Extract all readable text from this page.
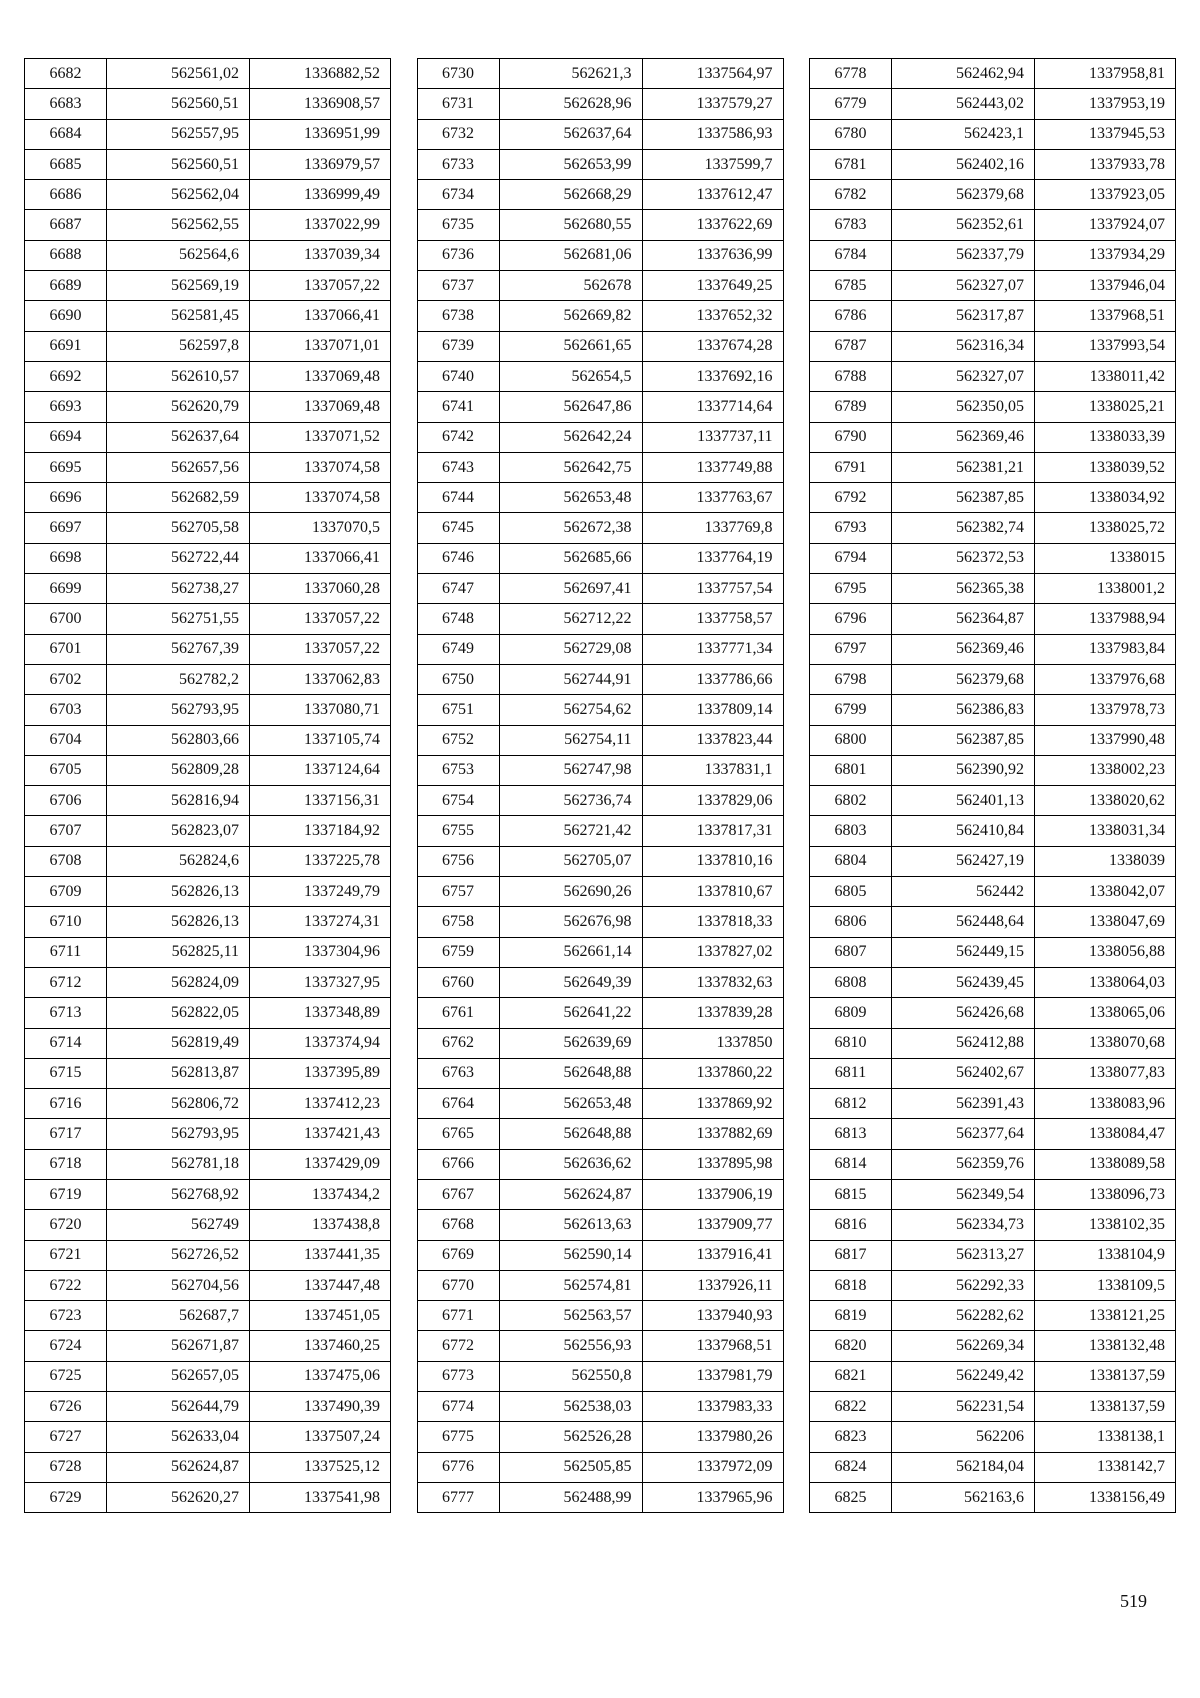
6682	562561,02	1336882,52
6683	562560,51	1336908,57
6684	562557,95	1336951,99
6685	562560,51	1336979,57
6686	562562,04	1336999,49
6687	562562,55	1337022,99
6688	562564,6	1337039,34
6689	562569,19	1337057,22
6690	562581,45	1337066,41
6691	562597,8	1337071,01
6692	562610,57	1337069,48
6693	562620,79	1337069,48
6694	562637,64	1337071,52
6695	562657,56	1337074,58
6696	562682,59	1337074,58
6697	562705,58	1337070,5
6698	562722,44	1337066,41
6699	562738,27	1337060,28
6700	562751,55	1337057,22
6701	562767,39	1337057,22
6702	562782,2	1337062,83
6703	562793,95	1337080,71
6704	562803,66	1337105,74
6705	562809,28	1337124,64
6706	562816,94	1337156,31
6707	562823,07	1337184,92
6708	562824,6	1337225,78
6709	562826,13	1337249,79
6710	562826,13	1337274,31
6711	562825,11	1337304,96
6712	562824,09	1337327,95
6713	562822,05	1337348,89
6714	562819,49	1337374,94
6715	562813,87	1337395,89
6716	562806,72	1337412,23
6717	562793,95	1337421,43
6718	562781,18	1337429,09
6719	562768,92	1337434,2
6720	562749	1337438,8
6721	562726,52	1337441,35
6722	562704,56	1337447,48
6723	562687,7	1337451,05
6724	562671,87	1337460,25
6725	562657,05	1337475,06
6726	562644,79	1337490,39
6727	562633,04	1337507,24
6728	562624,87	1337525,12
6729	562620,27	1337541,98
6730	562621,3	1337564,97
6731	562628,96	1337579,27
6732	562637,64	1337586,93
6733	562653,99	1337599,7
6734	562668,29	1337612,47
6735	562680,55	1337622,69
6736	562681,06	1337636,99
6737	562678	1337649,25
6738	562669,82	1337652,32
6739	562661,65	1337674,28
6740	562654,5	1337692,16
6741	562647,86	1337714,64
6742	562642,24	1337737,11
6743	562642,75	1337749,88
6744	562653,48	1337763,67
6745	562672,38	1337769,8
6746	562685,66	1337764,19
6747	562697,41	1337757,54
6748	562712,22	1337758,57
6749	562729,08	1337771,34
6750	562744,91	1337786,66
6751	562754,62	1337809,14
6752	562754,11	1337823,44
6753	562747,98	1337831,1
6754	562736,74	1337829,06
6755	562721,42	1337817,31
6756	562705,07	1337810,16
6757	562690,26	1337810,67
6758	562676,98	1337818,33
6759	562661,14	1337827,02
6760	562649,39	1337832,63
6761	562641,22	1337839,28
6762	562639,69	1337850
6763	562648,88	1337860,22
6764	562653,48	1337869,92
6765	562648,88	1337882,69
6766	562636,62	1337895,98
6767	562624,87	1337906,19
6768	562613,63	1337909,77
6769	562590,14	1337916,41
6770	562574,81	1337926,11
6771	562563,57	1337940,93
6772	562556,93	1337968,51
6773	562550,8	1337981,79
6774	562538,03	1337983,33
6775	562526,28	1337980,26
6776	562505,85	1337972,09
6777	562488,99	1337965,96
6778	562462,94	1337958,81
6779	562443,02	1337953,19
6780	562423,1	1337945,53
6781	562402,16	1337933,78
6782	562379,68	1337923,05
6783	562352,61	1337924,07
6784	562337,79	1337934,29
6785	562327,07	1337946,04
6786	562317,87	1337968,51
6787	562316,34	1337993,54
6788	562327,07	1338011,42
6789	562350,05	1338025,21
6790	562369,46	1338033,39
6791	562381,21	1338039,52
6792	562387,85	1338034,92
6793	562382,74	1338025,72
6794	562372,53	1338015
6795	562365,38	1338001,2
6796	562364,87	1337988,94
6797	562369,46	1337983,84
6798	562379,68	1337976,68
6799	562386,83	1337978,73
6800	562387,85	1337990,48
6801	562390,92	1338002,23
6802	562401,13	1338020,62
6803	562410,84	1338031,34
6804	562427,19	1338039
6805	562442	1338042,07
6806	562448,64	1338047,69
6807	562449,15	1338056,88
6808	562439,45	1338064,03
6809	562426,68	1338065,06
6810	562412,88	1338070,68
6811	562402,67	1338077,83
6812	562391,43	1338083,96
6813	562377,64	1338084,47
6814	562359,76	1338089,58
6815	562349,54	1338096,73
6816	562334,73	1338102,35
6817	562313,27	1338104,9
6818	562292,33	1338109,5
6819	562282,62	1338121,25
6820	562269,34	1338132,48
6821	562249,42	1338137,59
6822	562231,54	1338137,59
6823	562206	1338138,1
6824	562184,04	1338142,7
6825	562163,6	1338156,49
519
